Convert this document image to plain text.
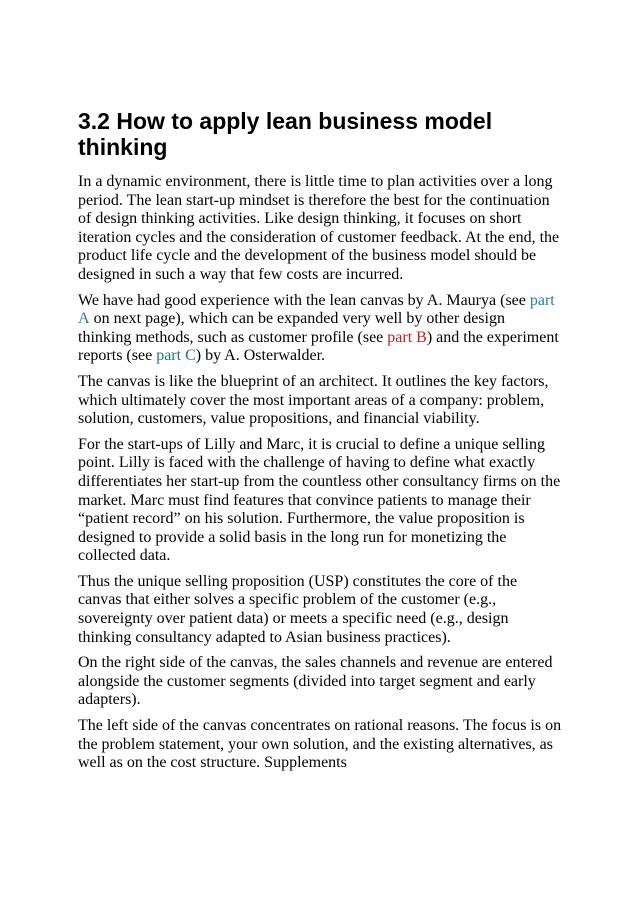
3.2 How to apply lean business model thinking

In a dynamic environment, there is little time to plan activities over a long period. The lean start-up mindset is therefore the best for the continuation of design thinking activities. Like design thinking, it focuses on short iteration cycles and the consideration of customer feedback. At the end, the product life cycle and the development of the business model should be designed in such a way that few costs are incurred.

We have had good experience with the lean canvas by A. Maurya (see part A on next page), which can be expanded very well by other design thinking methods, such as customer profile (see part B) and the experiment reports (see part C) by A. Osterwalder.

The canvas is like the blueprint of an architect. It outlines the key factors, which ultimately cover the most important areas of a company: problem, solution, customers, value propositions, and financial viability.

For the start-ups of Lilly and Marc, it is crucial to define a unique selling point. Lilly is faced with the challenge of having to define what exactly differentiates her start-up from the countless other consultancy firms on the market. Marc must find features that convince patients to manage their “patient record” on his solution. Furthermore, the value proposition is designed to provide a solid basis in the long run for monetizing the collected data.

Thus the unique selling proposition (USP) constitutes the core of the canvas that either solves a specific problem of the customer (e.g., sovereignty over patient data) or meets a specific need (e.g., design thinking consultancy adapted to Asian business practices).

On the right side of the canvas, the sales channels and revenue are entered alongside the customer segments (divided into target segment and early adapters).

The left side of the canvas concentrates on rational reasons. The focus is on the problem statement, your own solution, and the existing alternatives, as well as on the cost structure. Supplements
